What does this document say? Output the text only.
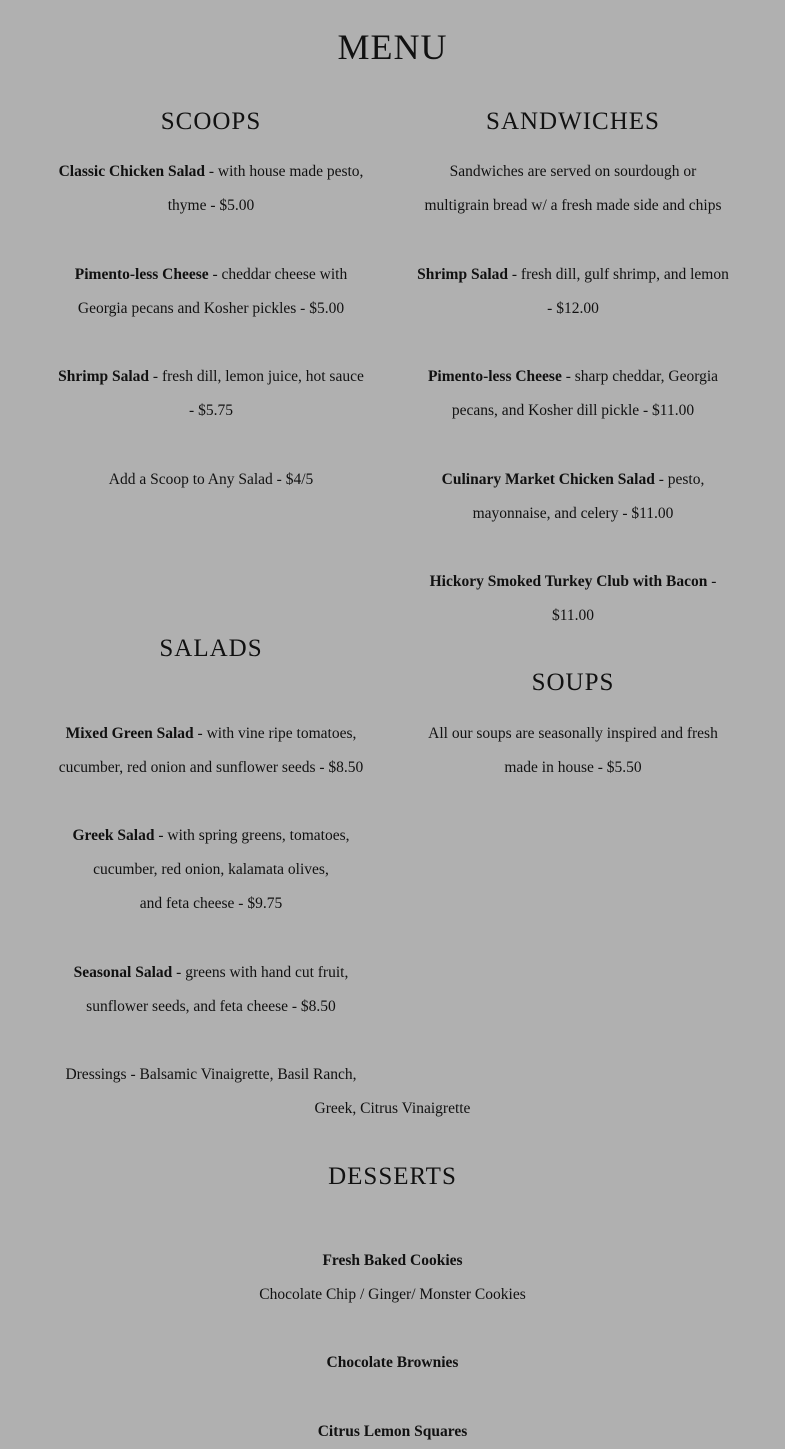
MENU
SCOOPS
Classic Chicken Salad - with house made pesto,
thyme - $5.00
Pimento-less Cheese - cheddar cheese with
Georgia pecans and Kosher pickles - $5.00
Shrimp Salad - fresh dill, lemon juice, hot sauce
- $5.75
Add a Scoop to Any Salad - $4/5
SANDWICHES
Sandwiches are served on sourdough or
multigrain bread w/ a fresh made side and chips
Shrimp Salad - fresh dill, gulf shrimp, and lemon
- $12.00
Pimento-less Cheese - sharp cheddar, Georgia
pecans, and Kosher dill pickle - $11.00
Culinary Market Chicken Salad - pesto,
mayonnaise, and celery - $11.00
Hickory Smoked Turkey Club with Bacon -
$11.00
SALADS
Mixed Green Salad - with vine ripe tomatoes,
cucumber, red onion and sunflower seeds - $8.50
Greek Salad - with spring greens, tomatoes,
cucumber, red onion, kalamata olives,
and feta cheese - $9.75
Seasonal Salad - greens with hand cut fruit,
sunflower seeds, and feta cheese - $8.50
Dressings - Balsamic Vinaigrette, Basil Ranch,
Greek, Citrus Vinaigrette
SOUPS
All our soups are seasonally inspired and fresh
made in house - $5.50
DESSERTS
Fresh Baked Cookies
Chocolate Chip / Ginger/ Monster Cookies
Chocolate Brownies
Citrus Lemon Squares
